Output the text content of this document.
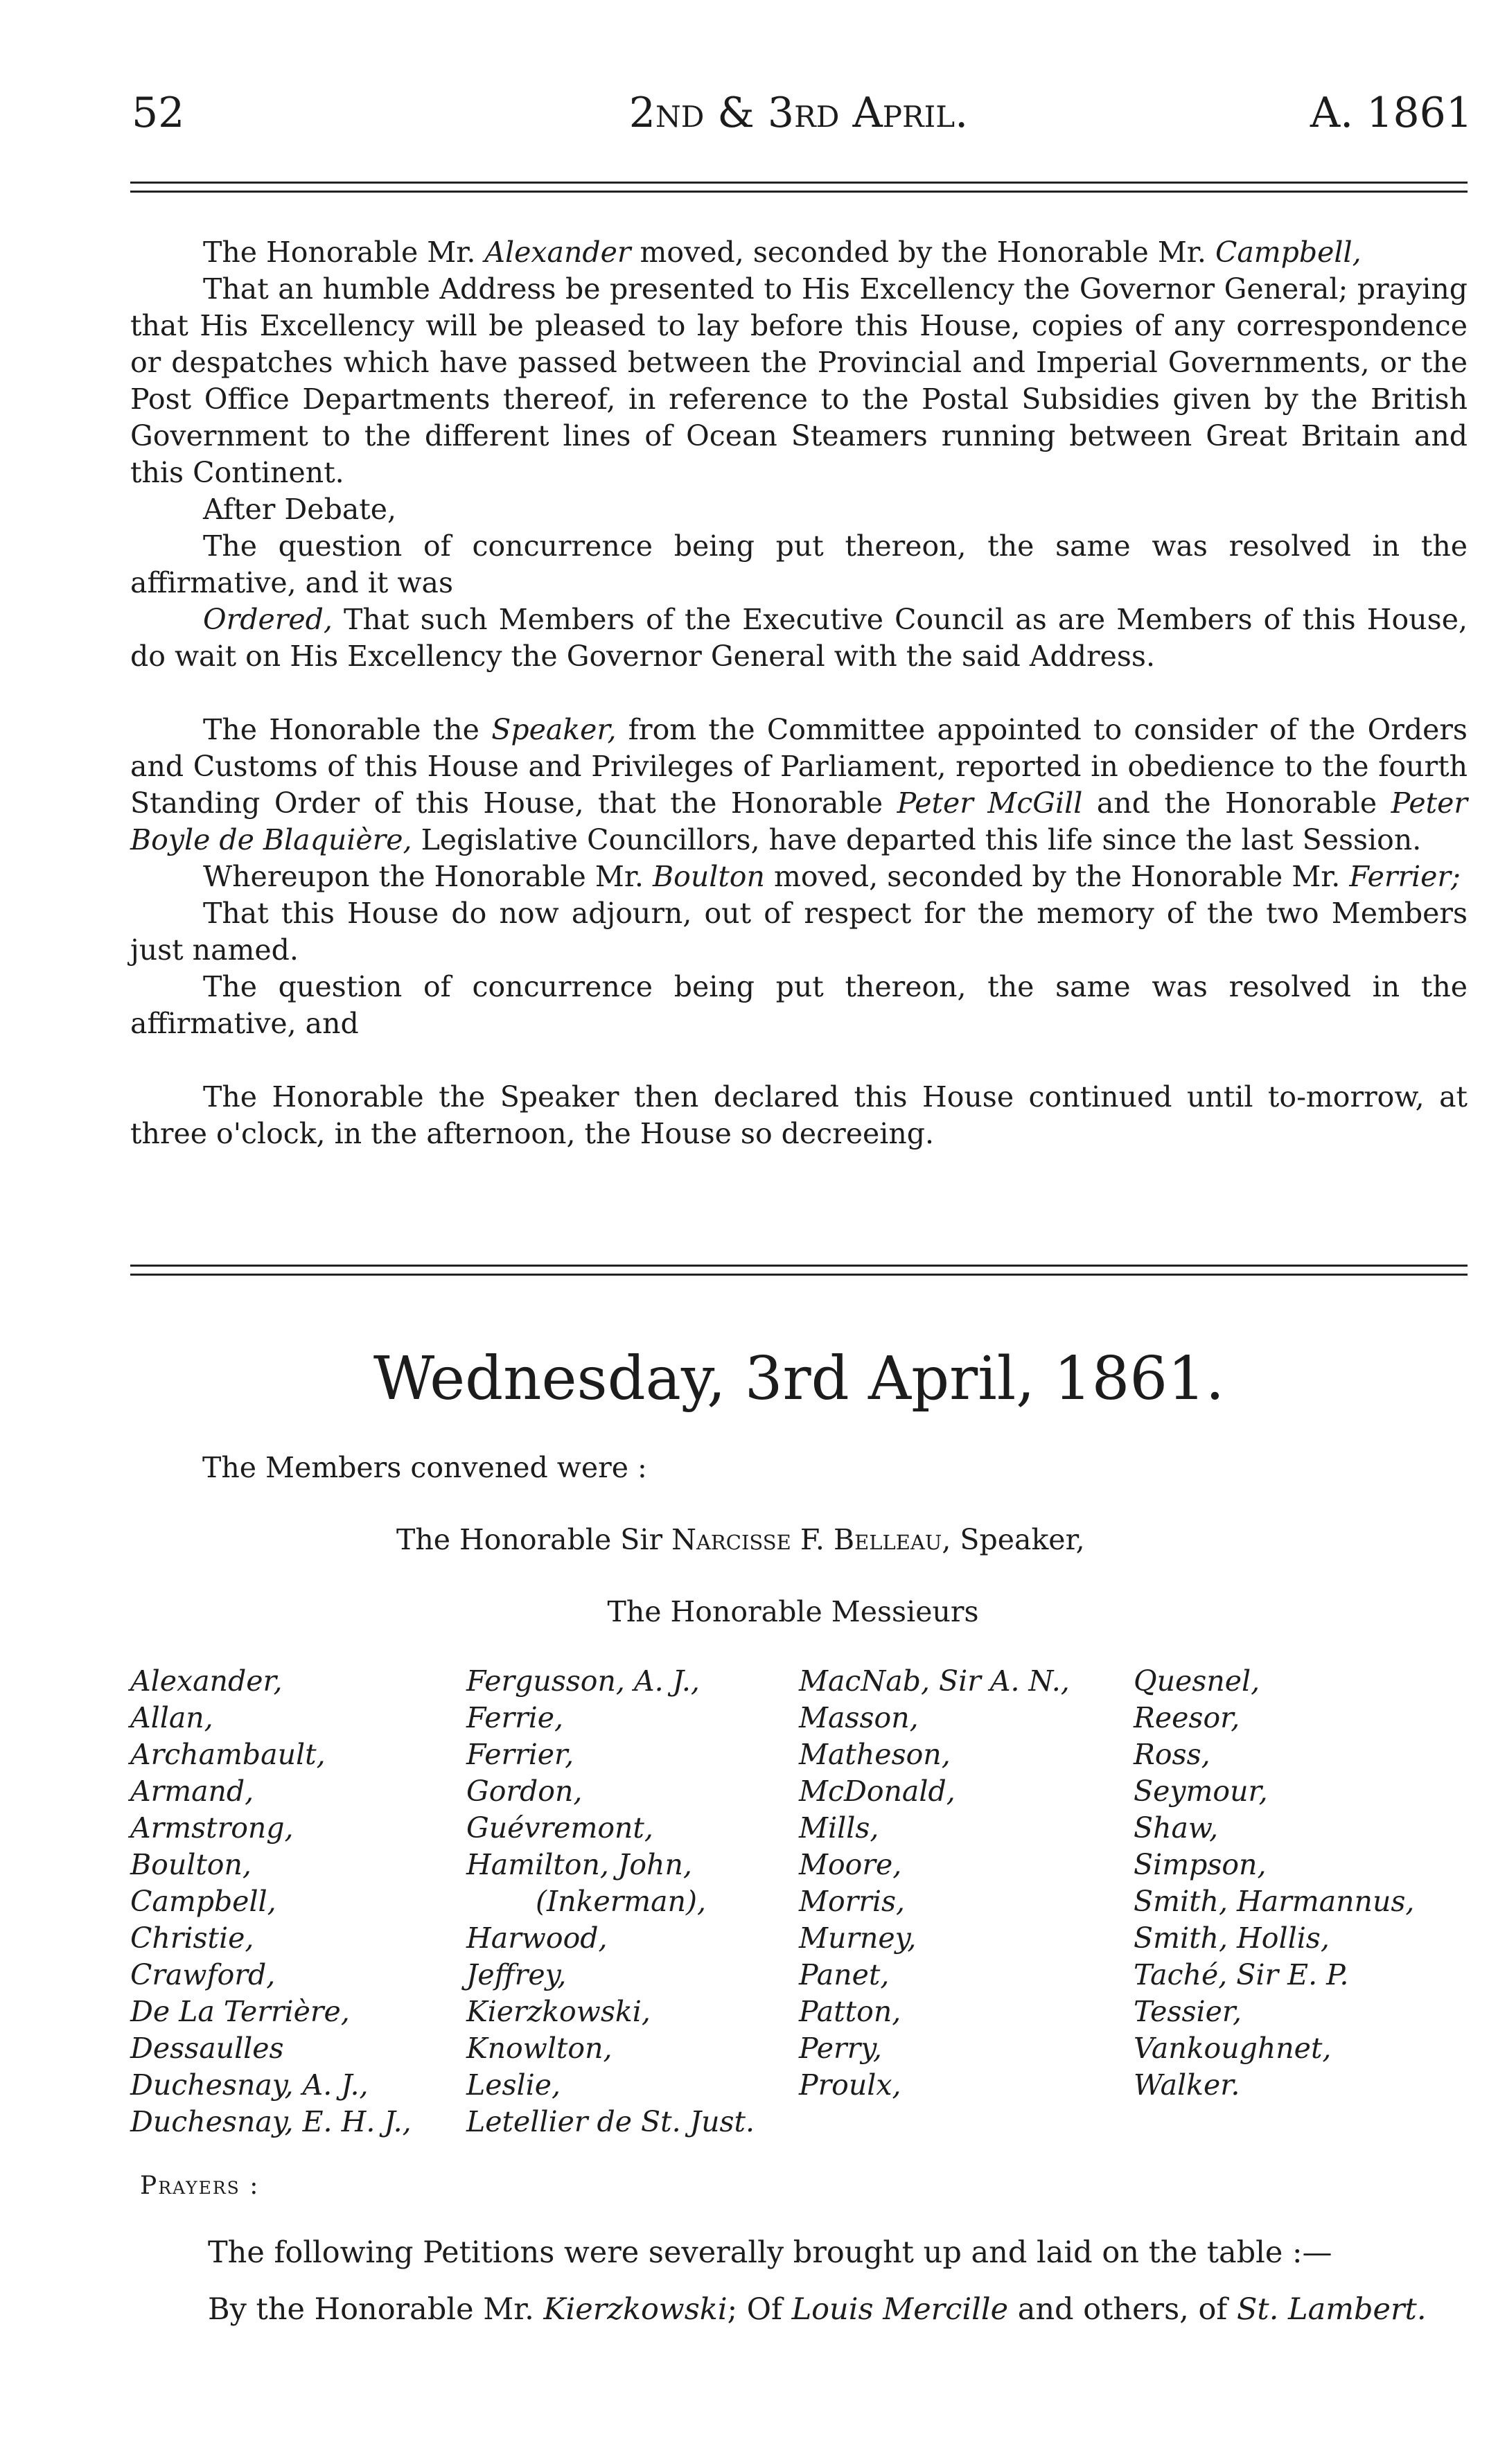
52	2nd & 3rd April.	A. 1861

The Honorable Mr. Alexander moved, seconded by the Honorable Mr. Campbell,

That an humble Address be presented to His Excellency the Governor General; praying that His Excellency will be pleased to lay before this House, copies of any correspondence or despatches which have passed between the Provincial and Imperial Governments, or the Post Office Departments thereof, in reference to the Postal Subsidies given by the British Government to the different lines of Ocean Steamers running between Great Britain and this Continent.

After Debate,

The question of concurrence being put thereon, the same was resolved in the affirmative, and it was

Ordered, That such Members of the Executive Council as are Members of this House, do wait on His Excellency the Governor General with the said Address.

The Honorable the Speaker, from the Committee appointed to consider of the Orders and Customs of this House and Privileges of Parliament, reported in obedience to the fourth Standing Order of this House, that the Honorable Peter McGill and the Honorable Peter Boyle de Blaquière, Legislative Councillors, have departed this life since the last Session.

Whereupon the Honorable Mr. Boulton moved, seconded by the Honorable Mr. Ferrier;

That this House do now adjourn, out of respect for the memory of the two Members just named.

The question of concurrence being put thereon, the same was resolved in the affirmative, and

The Honorable the Speaker then declared this House continued until to-morrow, at three o'clock, in the afternoon, the House so decreeing.

Wednesday, 3rd April, 1861.
The Members convened were :
The Honorable Sir Narcisse F. Belleau, Speaker,
The Honorable Messieurs
Alexander,
Allan,
Archambault,
Armand,
Armstrong,
Boulton,
Campbell,
Christie,
Crawford,
De La Terrière,
Dessaulles
Duchesnay, A. J.,
Duchesnay, E. H. J.,
Fergusson, A. J.,
Ferrie,
Ferrier,
Gordon,
Guévremont,
Hamilton, John,
(Inkerman),
Harwood,
Jeffrey,
Kierzkowski,
Knowlton,
Leslie,
Letellier de St. Just.
MacNab, Sir A. N.,
Masson,
Matheson,
McDonald,
Mills,
Moore,
Morris,
Murney,
Panet,
Patton,
Perry,
Proulx,
Quesnel,
Reesor,
Ross,
Seymour,
Shaw,
Simpson,
Smith, Harmannus,
Smith, Hollis,
Taché, Sir E. P.
Tessier,
Vankoughnet,
Walker.
Prayers :

The following Petitions were severally brought up and laid on the table :—

By the Honorable Mr. Kierzkowski; Of Louis Mercille and others, of St. Lambert.
